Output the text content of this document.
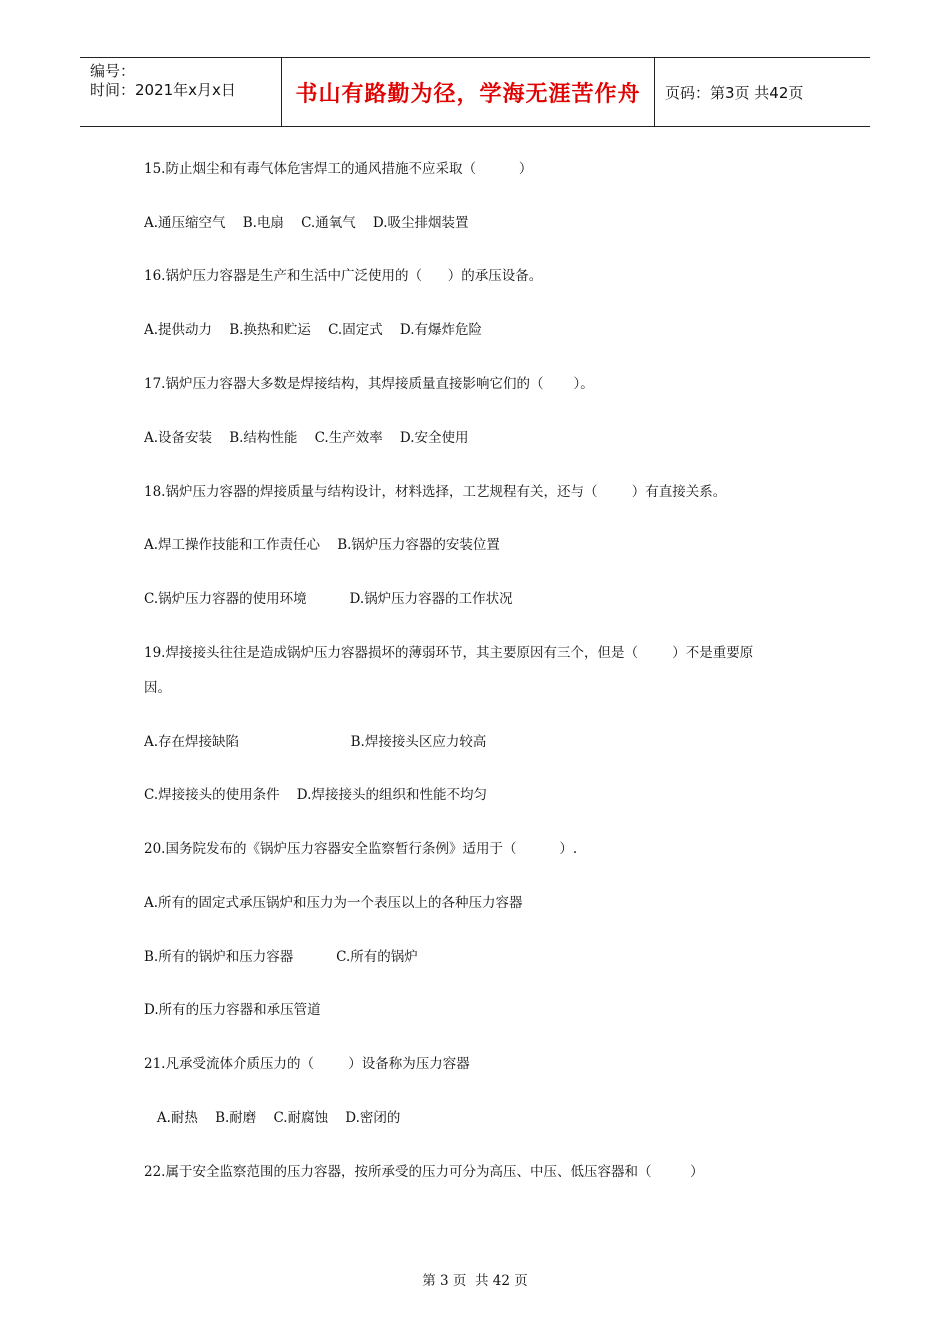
编号：
时间：2021年x月x日	书山有路勤为径，学海无涯苦作舟 页码：第3页 共42页
15.防止烟尘和有毒气体危害焊工的通风措施不应采取（          ）
A.通压缩空气    B.电扇    C.通氧气    D.吸尘排烟装置
16.锅炉压力容器是生产和生活中广泛使用的（      ）的承压设备。
A.提供动力    B.换热和贮运    C.固定式    D.有爆炸危险
17.锅炉压力容器大多数是焊接结构，其焊接质量直接影响它们的（       ）。
A.设备安装    B.结构性能    C.生产效率    D.安全使用
18.锅炉压力容器的焊接质量与结构设计，材料选择，工艺规程有关，还与（        ）有直接关系。
A.焊工操作技能和工作责任心    B.锅炉压力容器的安装位置
C.锅炉压力容器的使用环境          D.锅炉压力容器的工作状况
19.焊接接头往往是造成锅炉压力容器损坏的薄弱环节，其主要原因有三个，但是（        ）不是重要原
因。
A.存在焊接缺陷                          B.焊接接头区应力较高
C.焊接接头的使用条件    D.焊接接头的组织和性能不均匀
20.国务院发布的《锅炉压力容器安全监察暂行条例》适用于（          ）.
A.所有的固定式承压锅炉和压力为一个表压以上的各种压力容器
B.所有的锅炉和压力容器          C.所有的锅炉
D.所有的压力容器和承压管道
21.凡承受流体介质压力的（        ）设备称为压力容器
A.耐热    B.耐磨    C.耐腐蚀    D.密闭的
22.属于安全监察范围的压力容器，按所承受的压力可分为高压、中压、低压容器和（         ）
第 3 页  共 42 页
